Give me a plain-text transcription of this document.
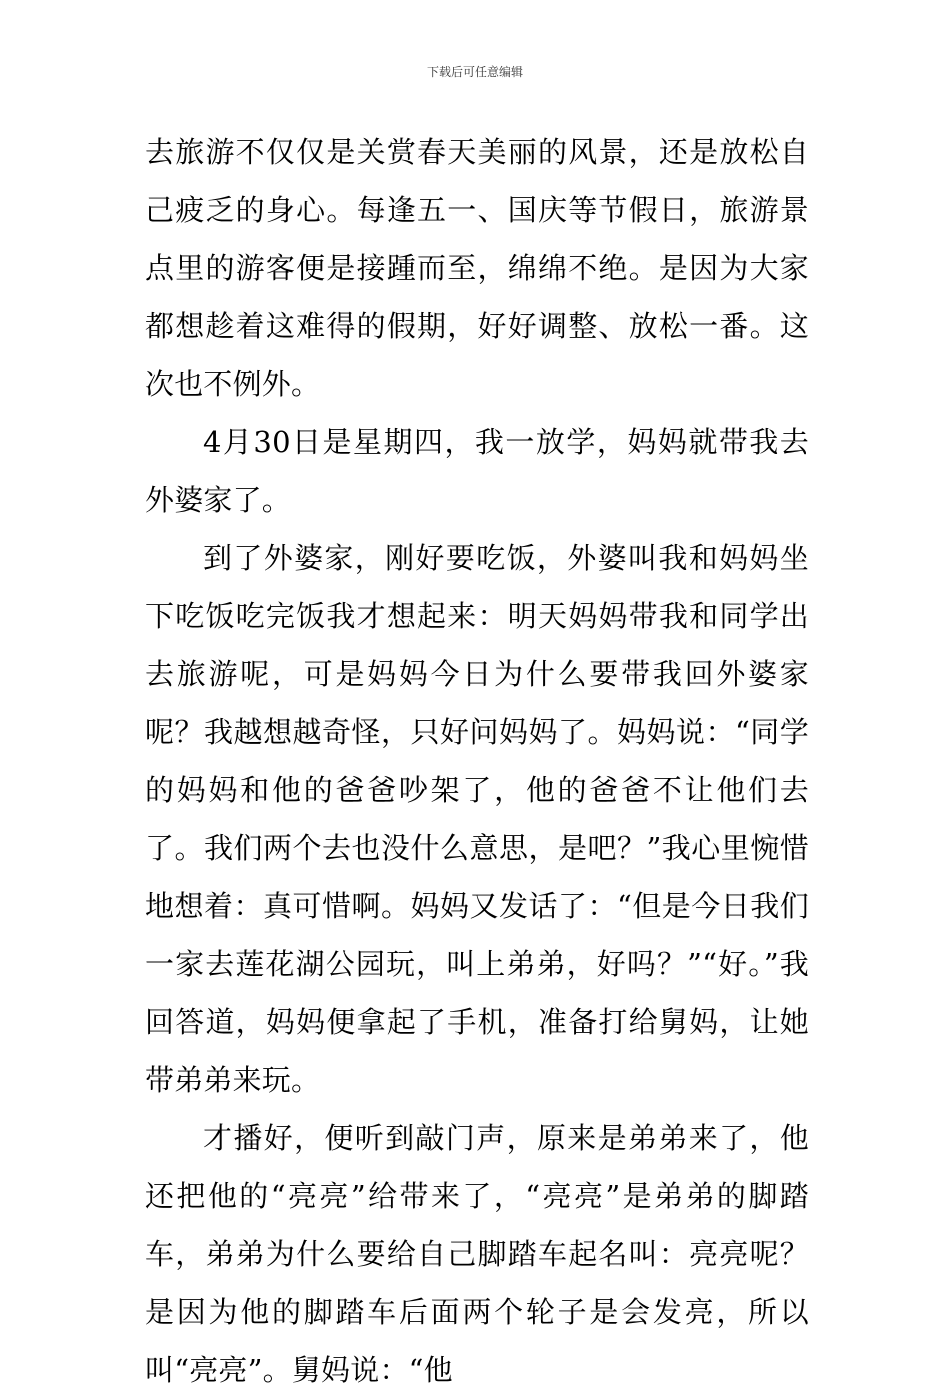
下载后可任意编辑

去旅游不仅仅是关赏春天美丽的风景，还是放松自己疲乏的身心。每逢五一、国庆等节假日，旅游景点里的游客便是接踵而至，绵绵不绝。是因为大家都想趁着这难得的假期，好好调整、放松一番。这次也不例外。

4月30日是星期四，我一放学，妈妈就带我去外婆家了。

到了外婆家，刚好要吃饭，外婆叫我和妈妈坐下吃饭吃完饭我才想起来：明天妈妈带我和同学出去旅游呢，可是妈妈今日为什么要带我回外婆家呢？我越想越奇怪，只好问妈妈了。妈妈说：“同学的妈妈和他的爸爸吵架了，他的爸爸不让他们去了。我们两个去也没什么意思，是吧？”我心里惋惜地想着：真可惜啊。妈妈又发话了：“但是今日我们一家去莲花湖公园玩，叫上弟弟，好吗？”“好。”我回答道，妈妈便拿起了手机，准备打给舅妈，让她带弟弟来玩。

才播好，便听到敲门声，原来是弟弟来了，他还把他的“亮亮”给带来了，“亮亮”是弟弟的脚踏车，弟弟为什么要给自己脚踏车起名叫：亮亮呢？是因为他的脚踏车后面两个轮子是会发亮，所以叫“亮亮”。舅妈说：“他
